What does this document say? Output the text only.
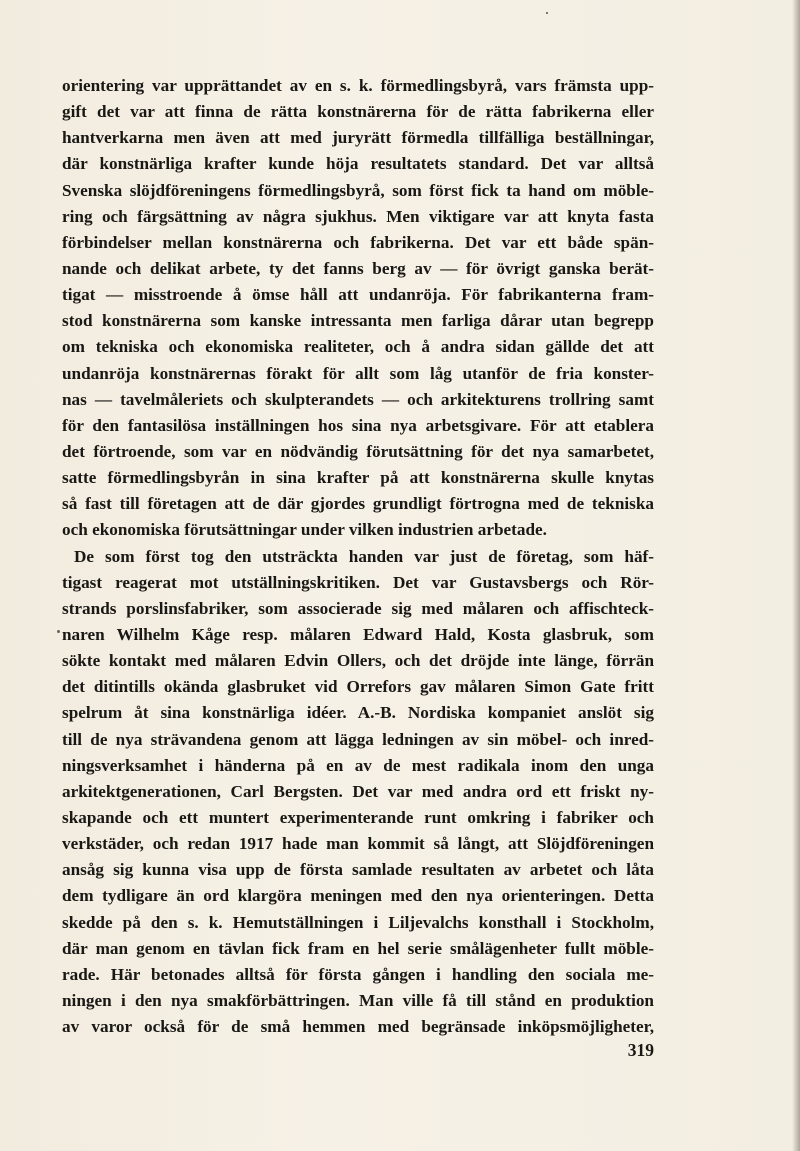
orientering var upprättandet av en s. k. förmedlingsbyrå, vars främsta upp-
gift det var att finna de rätta konstnärerna för de rätta fabrikerna eller
hantverkarna men även att med juryrätt förmedla tillfälliga beställningar,
där konstnärliga krafter kunde höja resultatets standard. Det var alltså
Svenska slöjdföreningens förmedlingsbyrå, som först fick ta hand om möble-
ring och färgsättning av några sjukhus. Men viktigare var att knyta fasta
förbindelser mellan konstnärerna och fabrikerna. Det var ett både spän-
nande och delikat arbete, ty det fanns berg av — för övrigt ganska berät-
tigat — misstroende å ömse håll att undanröja. För fabrikanterna fram-
stod konstnärerna som kanske intressanta men farliga dårar utan begrepp
om tekniska och ekonomiska realiteter, och å andra sidan gällde det att
undanröja konstnärernas förakt för allt som låg utanför de fria konster-
nas — tavelmåleriets och skulpterandets — och arkitekturens trollring samt
för den fantasilösa inställningen hos sina nya arbetsgivare. För att etablera
det förtroende, som var en nödvändig förutsättning för det nya samarbetet,
satte förmedlingsbyrån in sina krafter på att konstnärerna skulle knytas
så fast till företagen att de där gjordes grundligt förtrogna med de tekniska
och ekonomiska förutsättningar under vilken industrien arbetade.
De som först tog den utsträckta handen var just de företag, som häf-
tigast reagerat mot utställningskritiken. Det var Gustavsbergs och Rör-
strands porslinsfabriker, som associerade sig med målaren och affischteck-
naren Wilhelm Kåge resp. målaren Edward Hald, Kosta glasbruk, som
sökte kontakt med målaren Edvin Ollers, och det dröjde inte länge, förrän
det ditintills okända glasbruket vid Orrefors gav målaren Simon Gate fritt
spelrum åt sina konstnärliga idéer. A.-B. Nordiska kompaniet anslöt sig
till de nya strävandena genom att lägga ledningen av sin möbel- och inred-
ningsverksamhet i händerna på en av de mest radikala inom den unga
arkitektgenerationen, Carl Bergsten. Det var med andra ord ett friskt ny-
skapande och ett muntert experimenterande runt omkring i fabriker och
verkstäder, och redan 1917 hade man kommit så långt, att Slöjdföreningen
ansåg sig kunna visa upp de första samlade resultaten av arbetet och låta
dem tydligare än ord klargöra meningen med den nya orienteringen. Detta
skedde på den s. k. Hemutställningen i Liljevalchs konsthall i Stockholm,
där man genom en tävlan fick fram en hel serie smålägenheter fullt möble-
rade. Här betonades alltså för första gången i handling den sociala me-
ningen i den nya smakförbättringen. Man ville få till stånd en produktion
av varor också för de små hemmen med begränsade inköpsmöjligheter,
319
